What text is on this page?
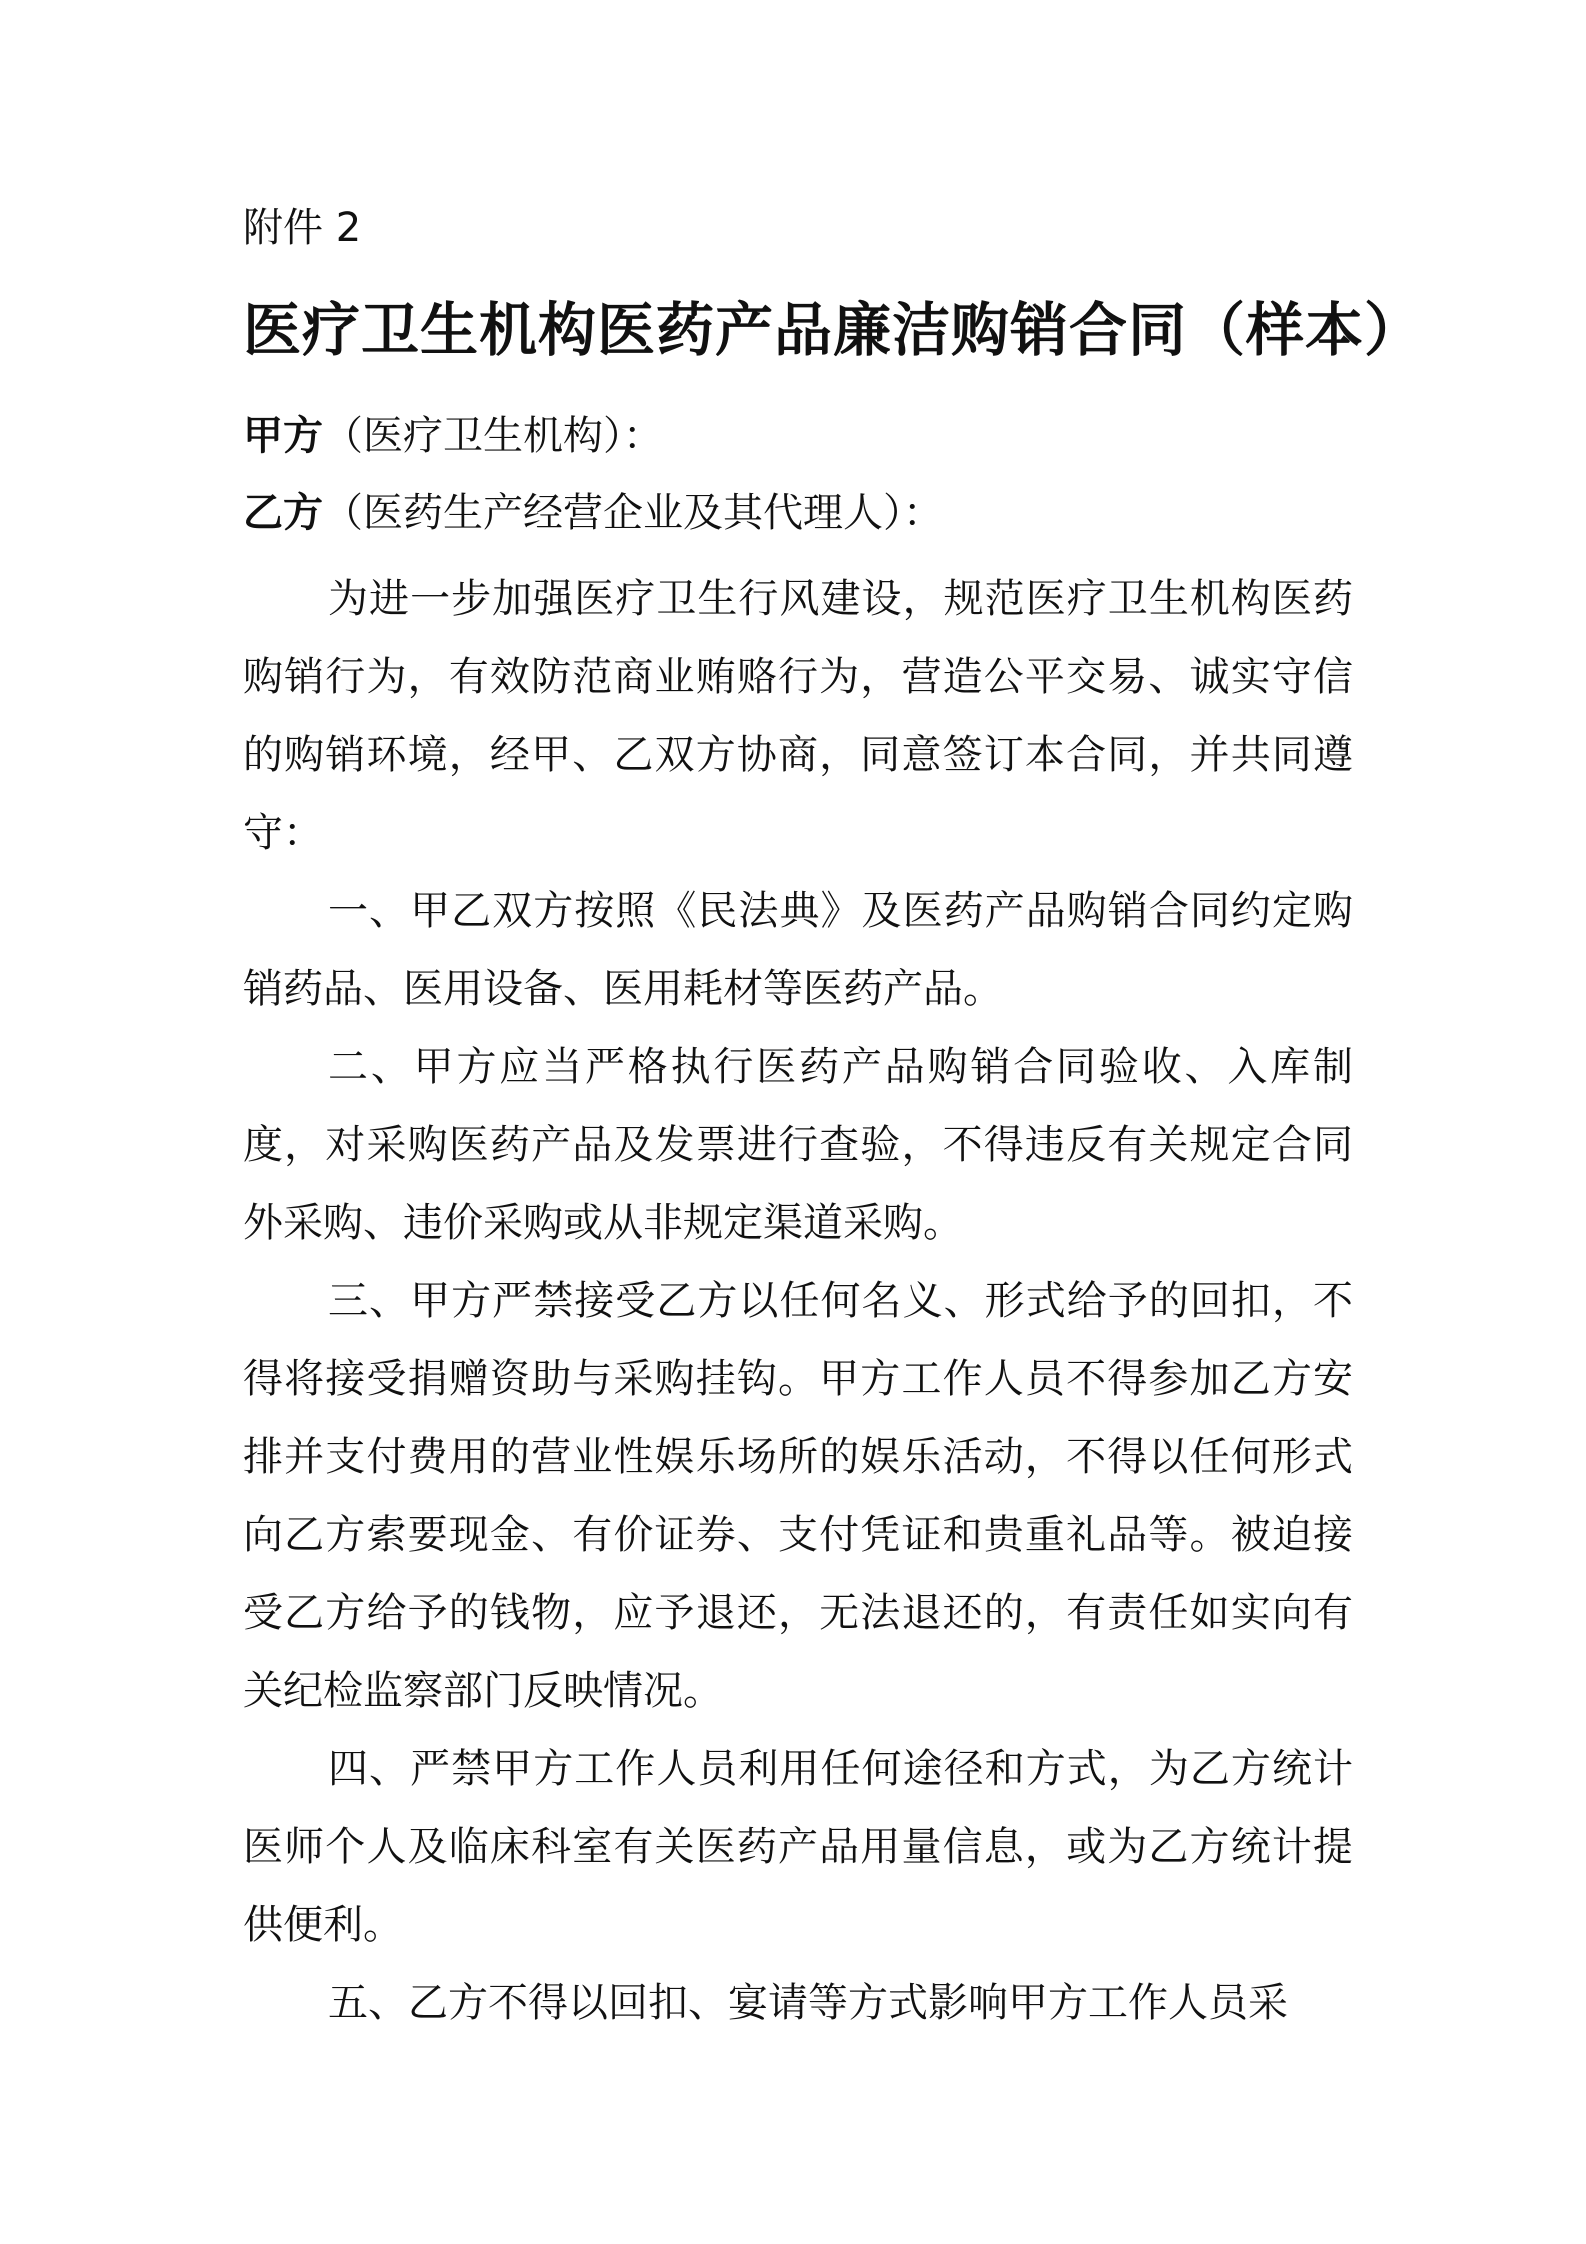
附件 2
医疗卫生机构医药产品廉洁购销合同（样本）
甲方（医疗卫生机构）：
乙方（医药生产经营企业及其代理人）：

为进一步加强医疗卫生行风建设，规范医疗卫生机构医药购销行为，有效防范商业贿赂行为，营造公平交易、诚实守信的购销环境，经甲、乙双方协商，同意签订本合同，并共同遵守：

一、甲乙双方按照《民法典》及医药产品购销合同约定购销药品、医用设备、医用耗材等医药产品。

二、甲方应当严格执行医药产品购销合同验收、入库制度，对采购医药产品及发票进行查验，不得违反有关规定合同外采购、违价采购或从非规定渠道采购。

三、甲方严禁接受乙方以任何名义、形式给予的回扣，不得将接受捐赠资助与采购挂钩。甲方工作人员不得参加乙方安排并支付费用的营业性娱乐场所的娱乐活动，不得以任何形式向乙方索要现金、有价证券、支付凭证和贵重礼品等。被迫接受乙方给予的钱物，应予退还，无法退还的，有责任如实向有关纪检监察部门反映情况。

四、严禁甲方工作人员利用任何途径和方式，为乙方统计医师个人及临床科室有关医药产品用量信息，或为乙方统计提供便利。

五、乙方不得以回扣、宴请等方式影响甲方工作人员采
